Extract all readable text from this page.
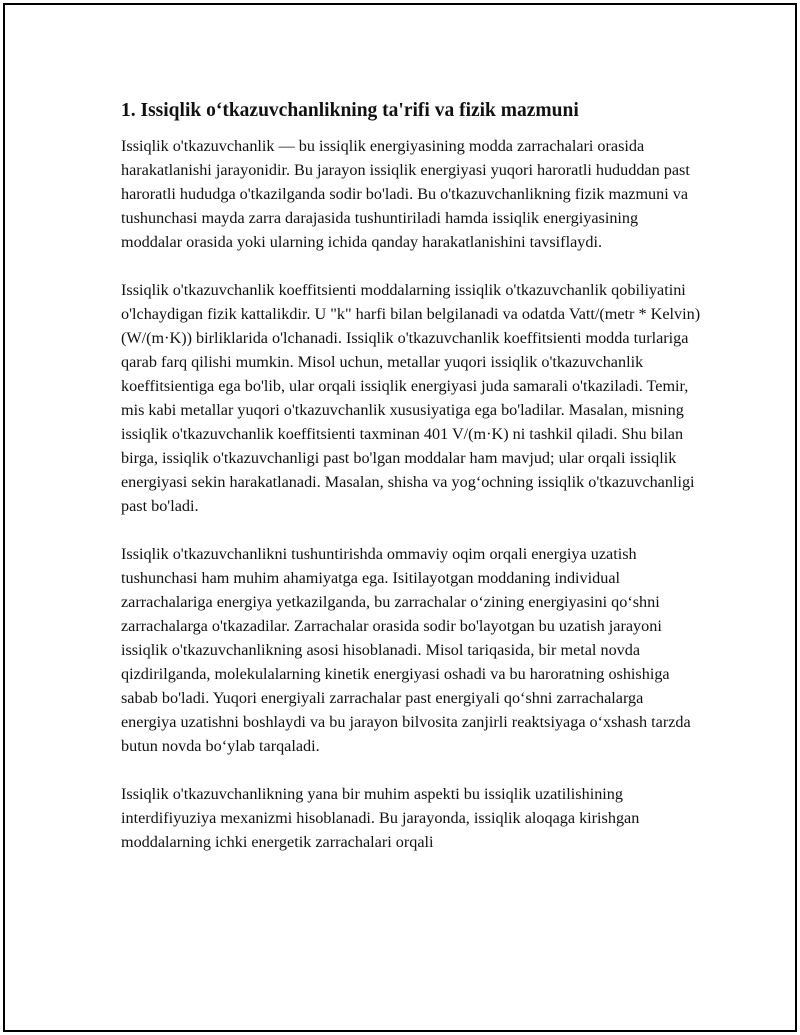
1. Issiqlik o‘tkazuvchanlikning ta'rifi va fizik mazmuni

Issiqlik o'tkazuvchanlik — bu issiqlik energiyasining modda zarrachalari orasida harakatlanishi jarayonidir. Bu jarayon issiqlik energiyasi yuqori haroratli hududdan past haroratli hududga o'tkazilganda sodir bo'ladi. Bu o'tkazuvchanlikning fizik mazmuni va tushunchasi mayda zarra darajasida tushuntiriladi hamda issiqlik energiyasining moddalar orasida yoki ularning ichida qanday harakatlanishini tavsiflaydi.

Issiqlik o'tkazuvchanlik koeffitsienti moddalarning issiqlik o'tkazuvchanlik qobiliyatini o'lchaydigan fizik kattalikdir. U "k" harfi bilan belgilanadi va odatda Vatt/(metr * Kelvin) (W/(m·K)) birliklarida o'lchanadi. Issiqlik o'tkazuvchanlik koeffitsienti modda turlariga qarab farq qilishi mumkin. Misol uchun, metallar yuqori issiqlik o'tkazuvchanlik koeffitsientiga ega bo'lib, ular orqali issiqlik energiyasi juda samarali o'tkaziladi. Temir, mis kabi metallar yuqori o'tkazuvchanlik xususiyatiga ega bo'ladilar. Masalan, misning issiqlik o'tkazuvchanlik koeffitsienti taxminan 401 V/(m·K) ni tashkil qiladi. Shu bilan birga, issiqlik o'tkazuvchanligi past bo'lgan moddalar ham mavjud; ular orqali issiqlik energiyasi sekin harakatlanadi. Masalan, shisha va yog‘ochning issiqlik o'tkazuvchanligi past bo'ladi.

Issiqlik o'tkazuvchanlikni tushuntirishda ommaviy oqim orqali energiya uzatish tushunchasi ham muhim ahamiyatga ega. Isitilayotgan moddaning individual zarrachalariga energiya yetkazilganda, bu zarrachalar o‘zining energiyasini qo‘shni zarrachalarga o'tkazadilar. Zarrachalar orasida sodir bo'layotgan bu uzatish jarayoni issiqlik o'tkazuvchanlikning asosi hisoblanadi. Misol tariqasida, bir metal novda qizdirilganda, molekulalarning kinetik energiyasi oshadi va bu haroratning oshishiga sabab bo'ladi. Yuqori energiyali zarrachalar past energiyali qo‘shni zarrachalarga energiya uzatishni boshlaydi va bu jarayon bilvosita zanjirli reaktsiyaga o‘xshash tarzda butun novda bo‘ylab tarqaladi.

Issiqlik o'tkazuvchanlikning yana bir muhim aspekti bu issiqlik uzatilishining interdifiyuziya mexanizmi hisoblanadi. Bu jarayonda, issiqlik aloqaga kirishgan moddalarning ichki energetik zarrachalari orqali
